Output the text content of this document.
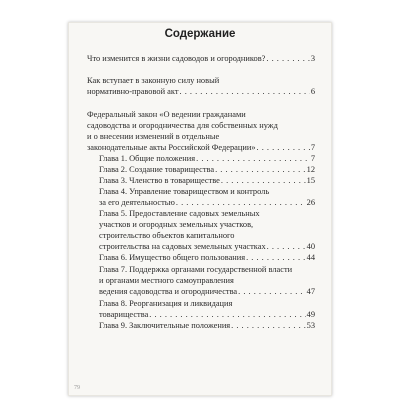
Содержание
Что изменится в жизни садоводов и огородников? . . .	3
Как вступает в законную силу новый
нормативно-правовой акт . . .	6
Федеральный закон «О ведении гражданами
садоводства и огородничества для собственных нужд
и о внесении изменений в отдельные
законодательные акты Российской Федерации» . . .	7
Глава 1. Общие положения . . .	7
Глава 2. Создание товарищества . . .	12
Глава 3. Членство в товариществе . . .	15
Глава 4. Управление товариществом и контроль
за его деятельностью . . .	26
Глава 5. Предоставление садовых земельных
участков и огородных земельных участков,
строительство объектов капитального
строительства на садовых земельных участках . . .	40
Глава 6. Имущество общего пользования . . .	44
Глава 7. Поддержка органами государственной власти
и органами местного самоуправления
ведения садоводства и огородничества . . .	47
Глава 8. Реорганизация и ликвидация
товарищества . . .	49
Глава 9. Заключительные положения . . .	53
79
